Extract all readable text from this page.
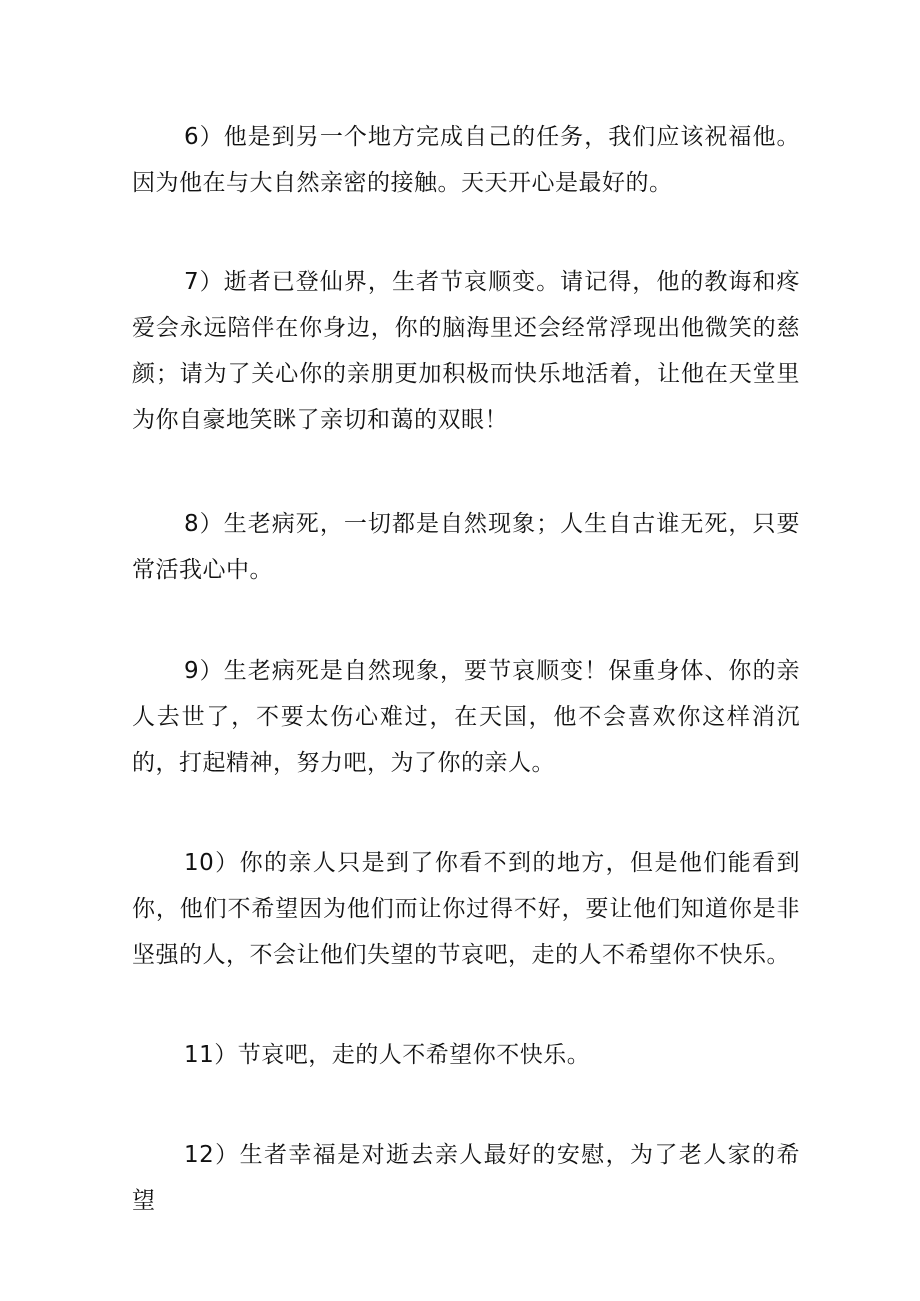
6）他是到另一个地方完成自己的任务，我们应该祝福他。因为他在与大自然亲密的接触。天天开心是最好的。

7）逝者已登仙界，生者节哀顺变。请记得，他的教诲和疼爱会永远陪伴在你身边，你的脑海里还会经常浮现出他微笑的慈颜；请为了关心你的亲朋更加积极而快乐地活着，让他在天堂里为你自豪地笑眯了亲切和蔼的双眼！

8）生老病死，一切都是自然现象；人生自古谁无死，只要常活我心中。

9）生老病死是自然现象，要节哀顺变！保重身体、你的亲人去世了，不要太伤心难过，在天国，他不会喜欢你这样消沉的，打起精神，努力吧，为了你的亲人。

10）你的亲人只是到了你看不到的地方，但是他们能看到你，他们不希望因为他们而让你过得不好，要让他们知道你是非坚强的人，不会让他们失望的节哀吧，走的人不希望你不快乐。

11）节哀吧，走的人不希望你不快乐。

12）生者幸福是对逝去亲人最好的安慰，为了老人家的希望
